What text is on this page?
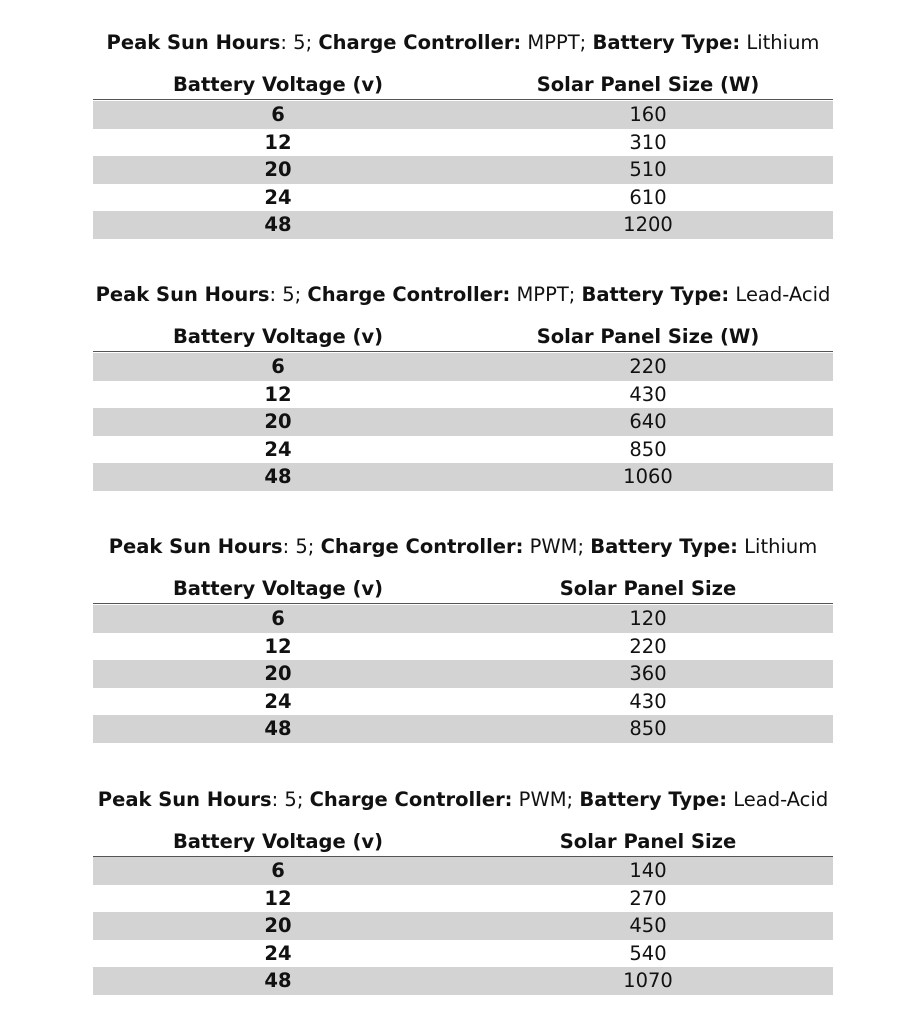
Peak Sun Hours: 5; Charge Controller: MPPT; Battery Type: Lithium
Battery Voltage (v)	Solar Panel Size (W)
6	160
12	310
20	510
24	610
48	1200
Peak Sun Hours: 5; Charge Controller: MPPT; Battery Type: Lead-Acid
Battery Voltage (v)	Solar Panel Size (W)
6	220
12	430
20	640
24	850
48	1060
Peak Sun Hours: 5; Charge Controller: PWM; Battery Type: Lithium
Battery Voltage (v)	Solar Panel Size
6	120
12	220
20	360
24	430
48	850
Peak Sun Hours: 5; Charge Controller: PWM; Battery Type: Lead-Acid
Battery Voltage (v)	Solar Panel Size
6	140
12	270
20	450
24	540
48	1070
